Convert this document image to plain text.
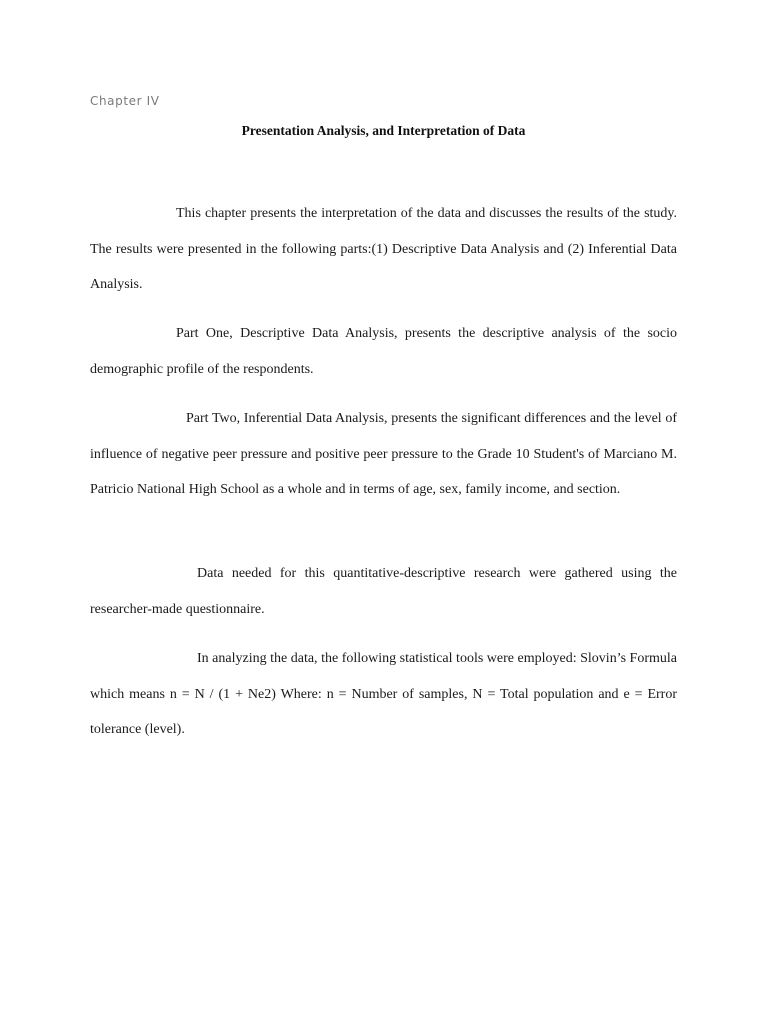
Chapter IV
Presentation Analysis, and Interpretation of Data

This chapter presents the interpretation of the data and discusses the results of the study. The results were presented in the following parts:(1) Descriptive Data Analysis and (2) Inferential Data Analysis.

Part One, Descriptive Data Analysis, presents the descriptive analysis of the socio demographic profile of the respondents.

Part Two, Inferential Data Analysis, presents the significant differences and the level of influence of negative peer pressure and positive peer pressure to the Grade 10 Student's of Marciano M. Patricio National High School as a whole and in terms of age, sex, family income, and section.

Data needed for this quantitative-descriptive research were gathered using the researcher-made questionnaire.

In analyzing the data, the following statistical tools were employed: Slovin’s Formula which means n = N / (1 + Ne2) Where: n = Number of samples, N = Total population and e = Error tolerance (level).
